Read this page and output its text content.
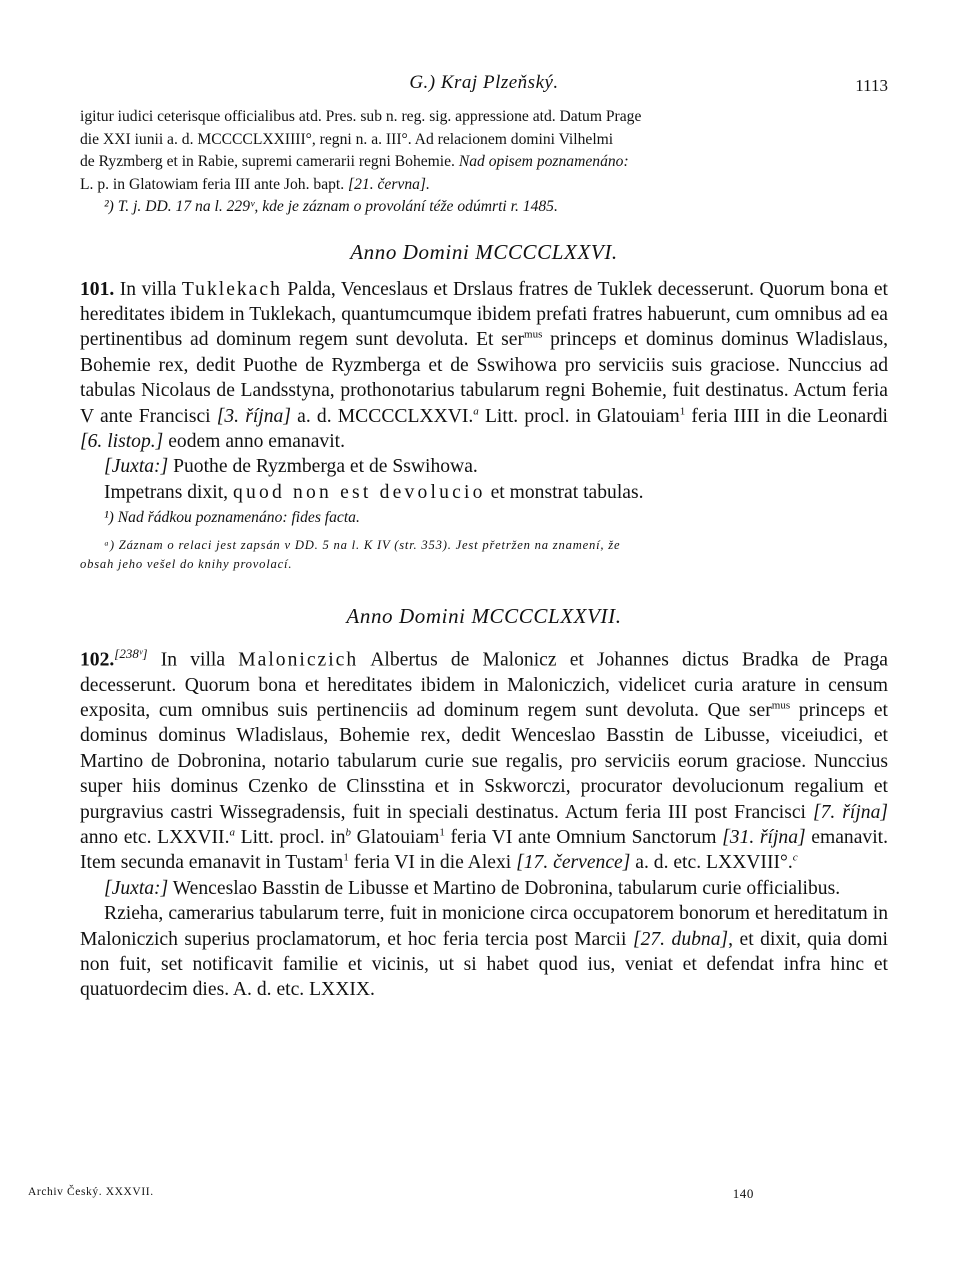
G.) Kraj Plzeňský.	1113
igitur iudici ceterisque officialibus atd. Pres. sub n. reg. sig. appressione atd. Datum Prage
die XXI iunii a. d. MCCCCLXXIIII°, regni n. a. III°. Ad relacionem domini Vilhelmi
de Ryzmberg et in Rabie, supremi camerarii regni Bohemie. Nad opisem poznamenáno:
L. p. in Glatowiam feria III ante Joh. bapt. [21. června].
²) T. j. DD. 17 na l. 229ᵛ, kde je záznam o provolání téže odúmrti r. 1485.
Anno Domini MCCCCLXXVI.

101. In villa Tuklekach Palda, Venceslaus et Drslaus fratres de Tuklek decesserunt. Quorum bona et hereditates ibidem in Tuklekach, quantumcumque ibidem prefati fratres habuerunt, cum omnibus ad ea pertinentibus ad dominum regem sunt devoluta. Et ser$^{mus}$ princeps et dominus dominus Wladislaus, Bohemie rex, dedit Puothe de Ryzmberga et de Sswihowa pro serviciis suis graciose. Nunccius ad tabulas Nicolaus de Landsstyna, prothonotarius tabularum regni Bohemie, fuit destinatus. Actum feria V ante Francisci [3. října] a. d. MCCCCLXXVI.$^a$ Litt. procl. in Glatouiam$^1$ feria IIII in die Leonardi [6. listop.] eodem anno emanavit.

[Juxta:] Puothe de Ryzmberga et de Sswihowa.

Impetrans dixit, quod non est devolucio et monstrat tabulas.

¹) Nad řádkou poznamenáno: fides facta.
ᵃ) Záznam o relaci jest zapsán v DD. 5 na l. K IV (str. 353). Jest přetržen na znamení, že
obsah jeho vešel do knihy provolací.
Anno Domini MCCCCLXXVII.

102.[238ᵛ] In villa Maloniczich Albertus de Malonicz et Johannes dictus Bradka de Praga decesserunt. Quorum bona et hereditates ibidem in Maloniczich, videlicet curia arature in censum exposita, cum omnibus suis pertinenciis ad dominum regem sunt devoluta. Que ser$^{mus}$ princeps et dominus dominus Wladislaus, Bohemie rex, dedit Wenceslao Basstin de Libusse, viceiudici, et Martino de Dobronina, notario tabularum curie sue regalis, pro serviciis eorum graciose. Nunccius super hiis dominus Czenko de Clinsstina et in Sskworczi, procurator devolucionum regalium et purgravius castri Wissegradensis, fuit in speciali destinatus. Actum feria III post Francisci [7. října] anno etc. LXXVII.$^a$ Litt. procl. $in^b$ Glatouiam$^1$ feria VI ante Omnium Sanctorum [31. října] emanavit. Item secunda emanavit in Tustam$^1$ feria VI in die Alexi [17. července] a. d. etc. LXXVIII°.$^c$

[Juxta:] Wenceslao Basstin de Libusse et Martino de Dobronina, tabularum curie officialibus.

Rzieha, camerarius tabularum terre, fuit in monicione circa occupatorem bonorum et hereditatum in Maloniczich superius proclamatorum, et hoc feria tercia post Marcii [27. dubna], et dixit, quia domi non fuit, set notificavit familie et vicinis, ut si habet quod ius, veniat et defendat infra hinc et quatuordecim dies. A. d. etc. LXXIX.

Archiv Český. XXXVII.	140
